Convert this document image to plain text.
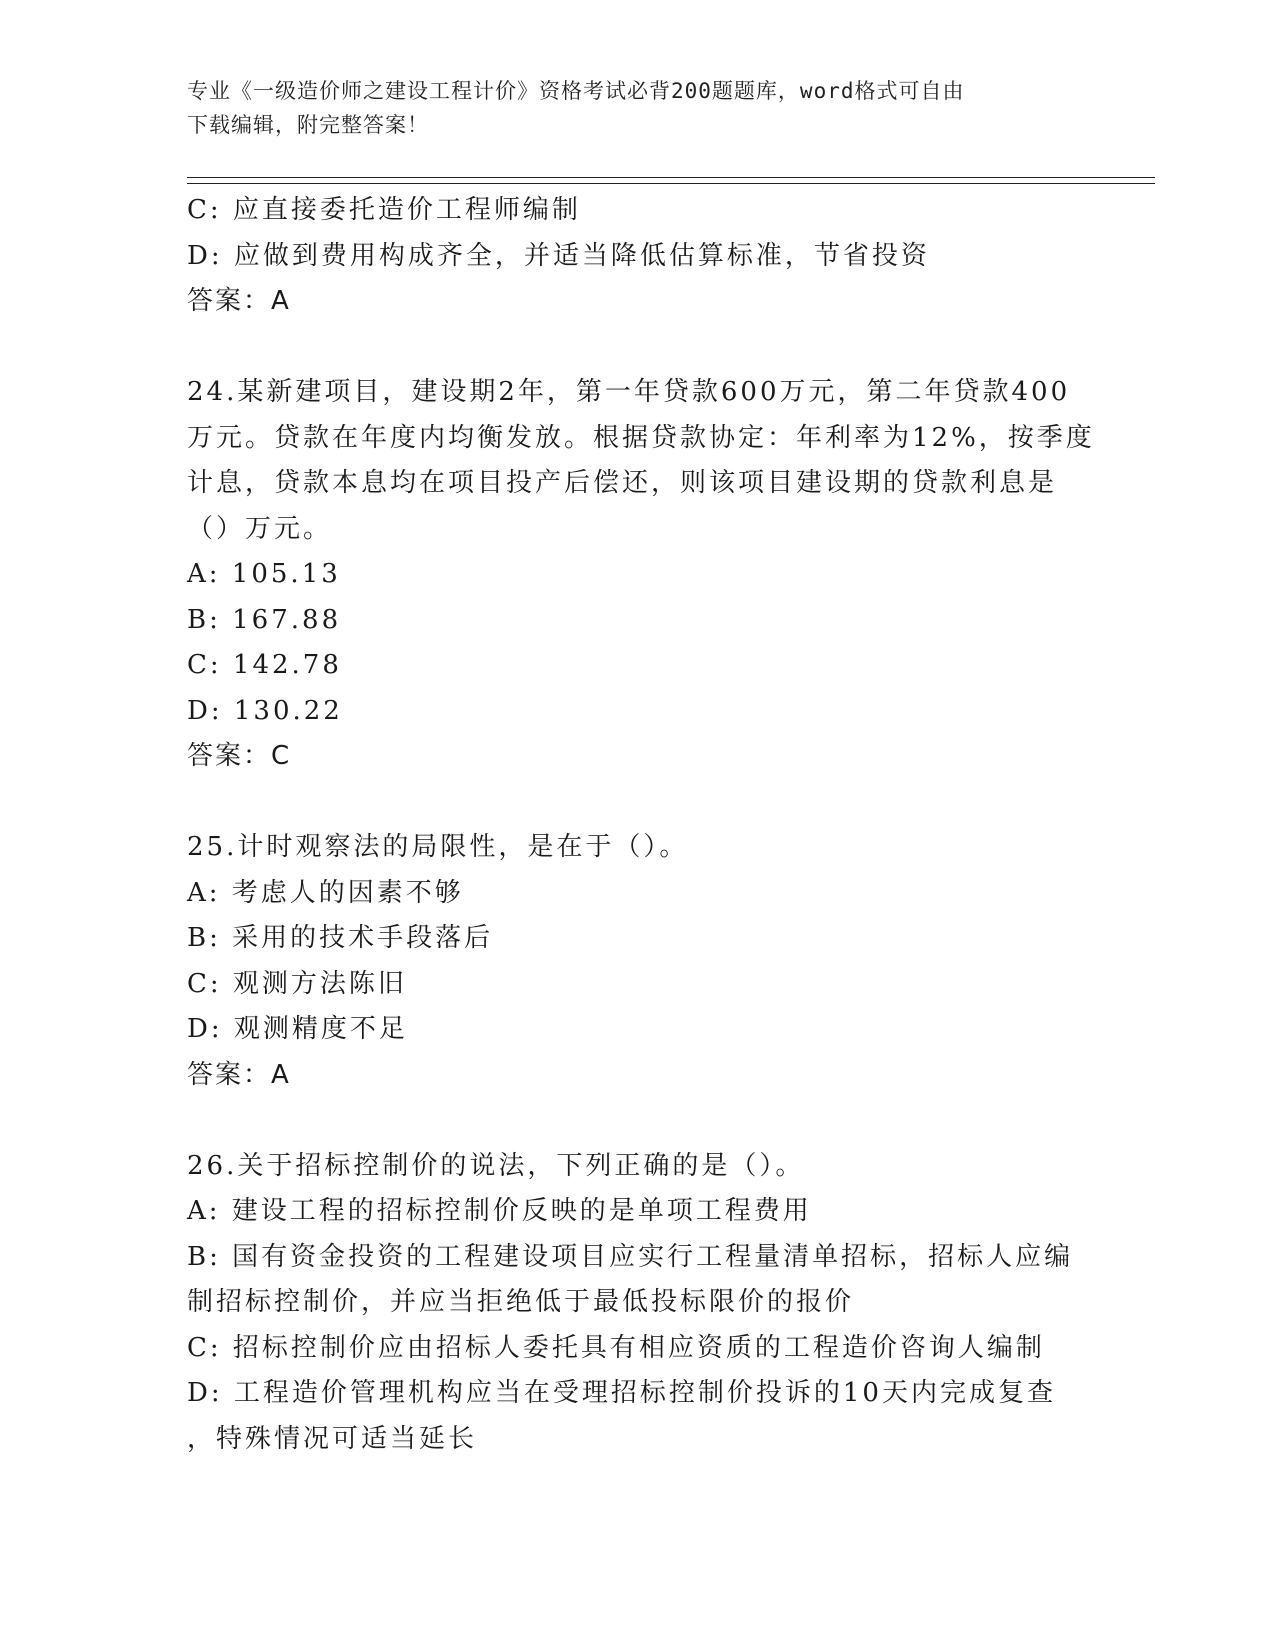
专业《一级造价师之建设工程计价》资格考试必背200题题库，word格式可自由
下载编辑，附完整答案！
C: 应直接委托造价工程师编制
D: 应做到费用构成齐全，并适当降低估算标准，节省投资
答案：A
24.某新建项目，建设期2年，第一年贷款600万元，第二年贷款400
万元。贷款在年度内均衡发放。根据贷款协定：年利率为12%，按季度
计息，贷款本息均在项目投产后偿还，则该项目建设期的贷款利息是
（）万元。
A: 105.13
B: 167.88
C: 142.78
D: 130.22
答案：C
25.计时观察法的局限性，是在于（）。
A: 考虑人的因素不够
B: 采用的技术手段落后
C: 观测方法陈旧
D: 观测精度不足
答案：A
26.关于招标控制价的说法，下列正确的是（）。
A: 建设工程的招标控制价反映的是单项工程费用
B: 国有资金投资的工程建设项目应实行工程量清单招标，招标人应编
制招标控制价，并应当拒绝低于最低投标限价的报价
C: 招标控制价应由招标人委托具有相应资质的工程造价咨询人编制
D: 工程造价管理机构应当在受理招标控制价投诉的10天内完成复查
，特殊情况可适当延长
